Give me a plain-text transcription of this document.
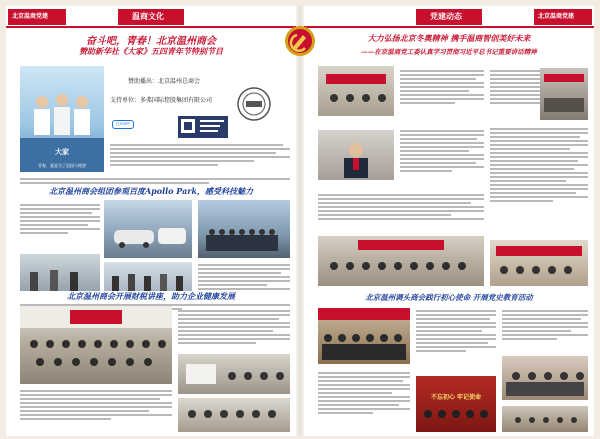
北京温商党建	温商文化
奋斗吧，青春！北京温州商会
赞助新华社《大家》五四青年节特别节目
大家
青春，就是为了祖国与理想
赞助播出：北京温州总商会
支持单位：多弗国际控股集团有限公司
打开APP
北京温州商会组团参观百度Apollo Park，感受科技魅力
北京温州商会开展财税讲座，助力企业健康发展
党建动态	北京温商党建
大力弘扬北京冬奥精神 携手温商智创美好未来
——在京温商党工委认真学习贯彻习近平总书记重要讲话精神
北京温州调头商会践行初心使命 开展党史教育活动
不忘初心 牢记使命
